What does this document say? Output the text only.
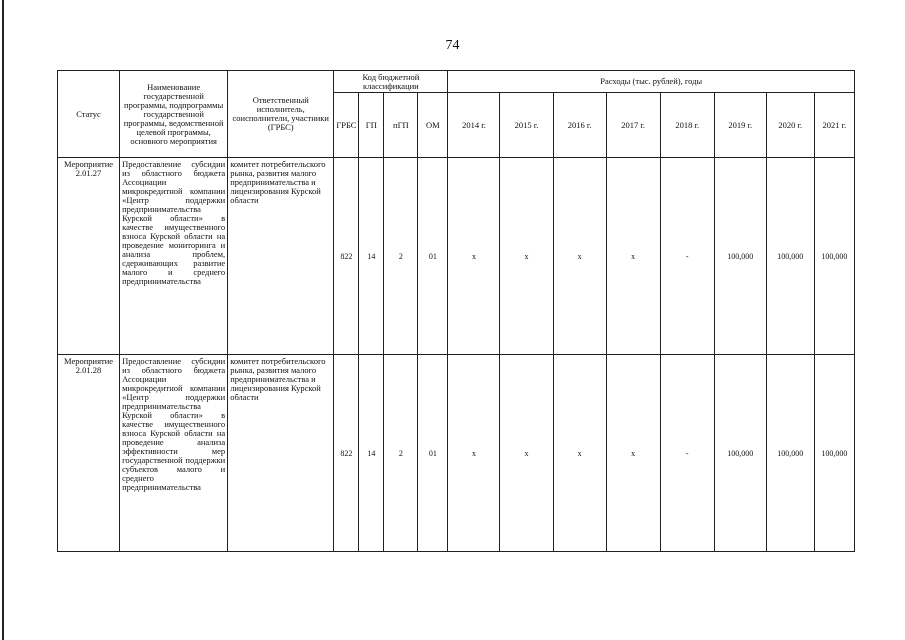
74
Статус	Наименование государственной программы, подпрограммы государственной программы, ведомственной целевой программы, основного мероприятия	Ответственный исполнитель, соисполнители, участники (ГРБС)	Код бюджетной классификации				Расходы (тыс. рублей), годы							
			ГРБС	ГП	пГП	ОМ	2014 г.	2015 г.	2016 г.	2017 г.	2018 г.	2019 г.	2020 г.	2021 г.
Мероприятие 2.01.27	Предоставление субсидии из областного бюджета Ассоциации микрокредитной компании «Центр поддержки предпринимательства Курской области» в качестве имущественного взноса Курской области на проведение мониторинга и анализа проблем, сдерживающих развитие малого и среднего предпринимательства	комитет потребительского рынка, развития малого предпринимательства и лицензирования Курской области	822	14	2	01	x	x	x	x	-	100,000	100,000	100,000
Мероприятие 2.01.28	Предоставление субсидии из областного бюджета Ассоциации микрокредитной компании «Центр поддержки предпринимательства Курской области» в качестве имущественного взноса Курской области на проведение анализа эффективности мер государственной поддержки субъектов малого и среднего предпринимательства	комитет потребительского рынка, развития малого предпринимательства и лицензирования Курской области	822	14	2	01	x	x	x	x	-	100,000	100,000	100,000
